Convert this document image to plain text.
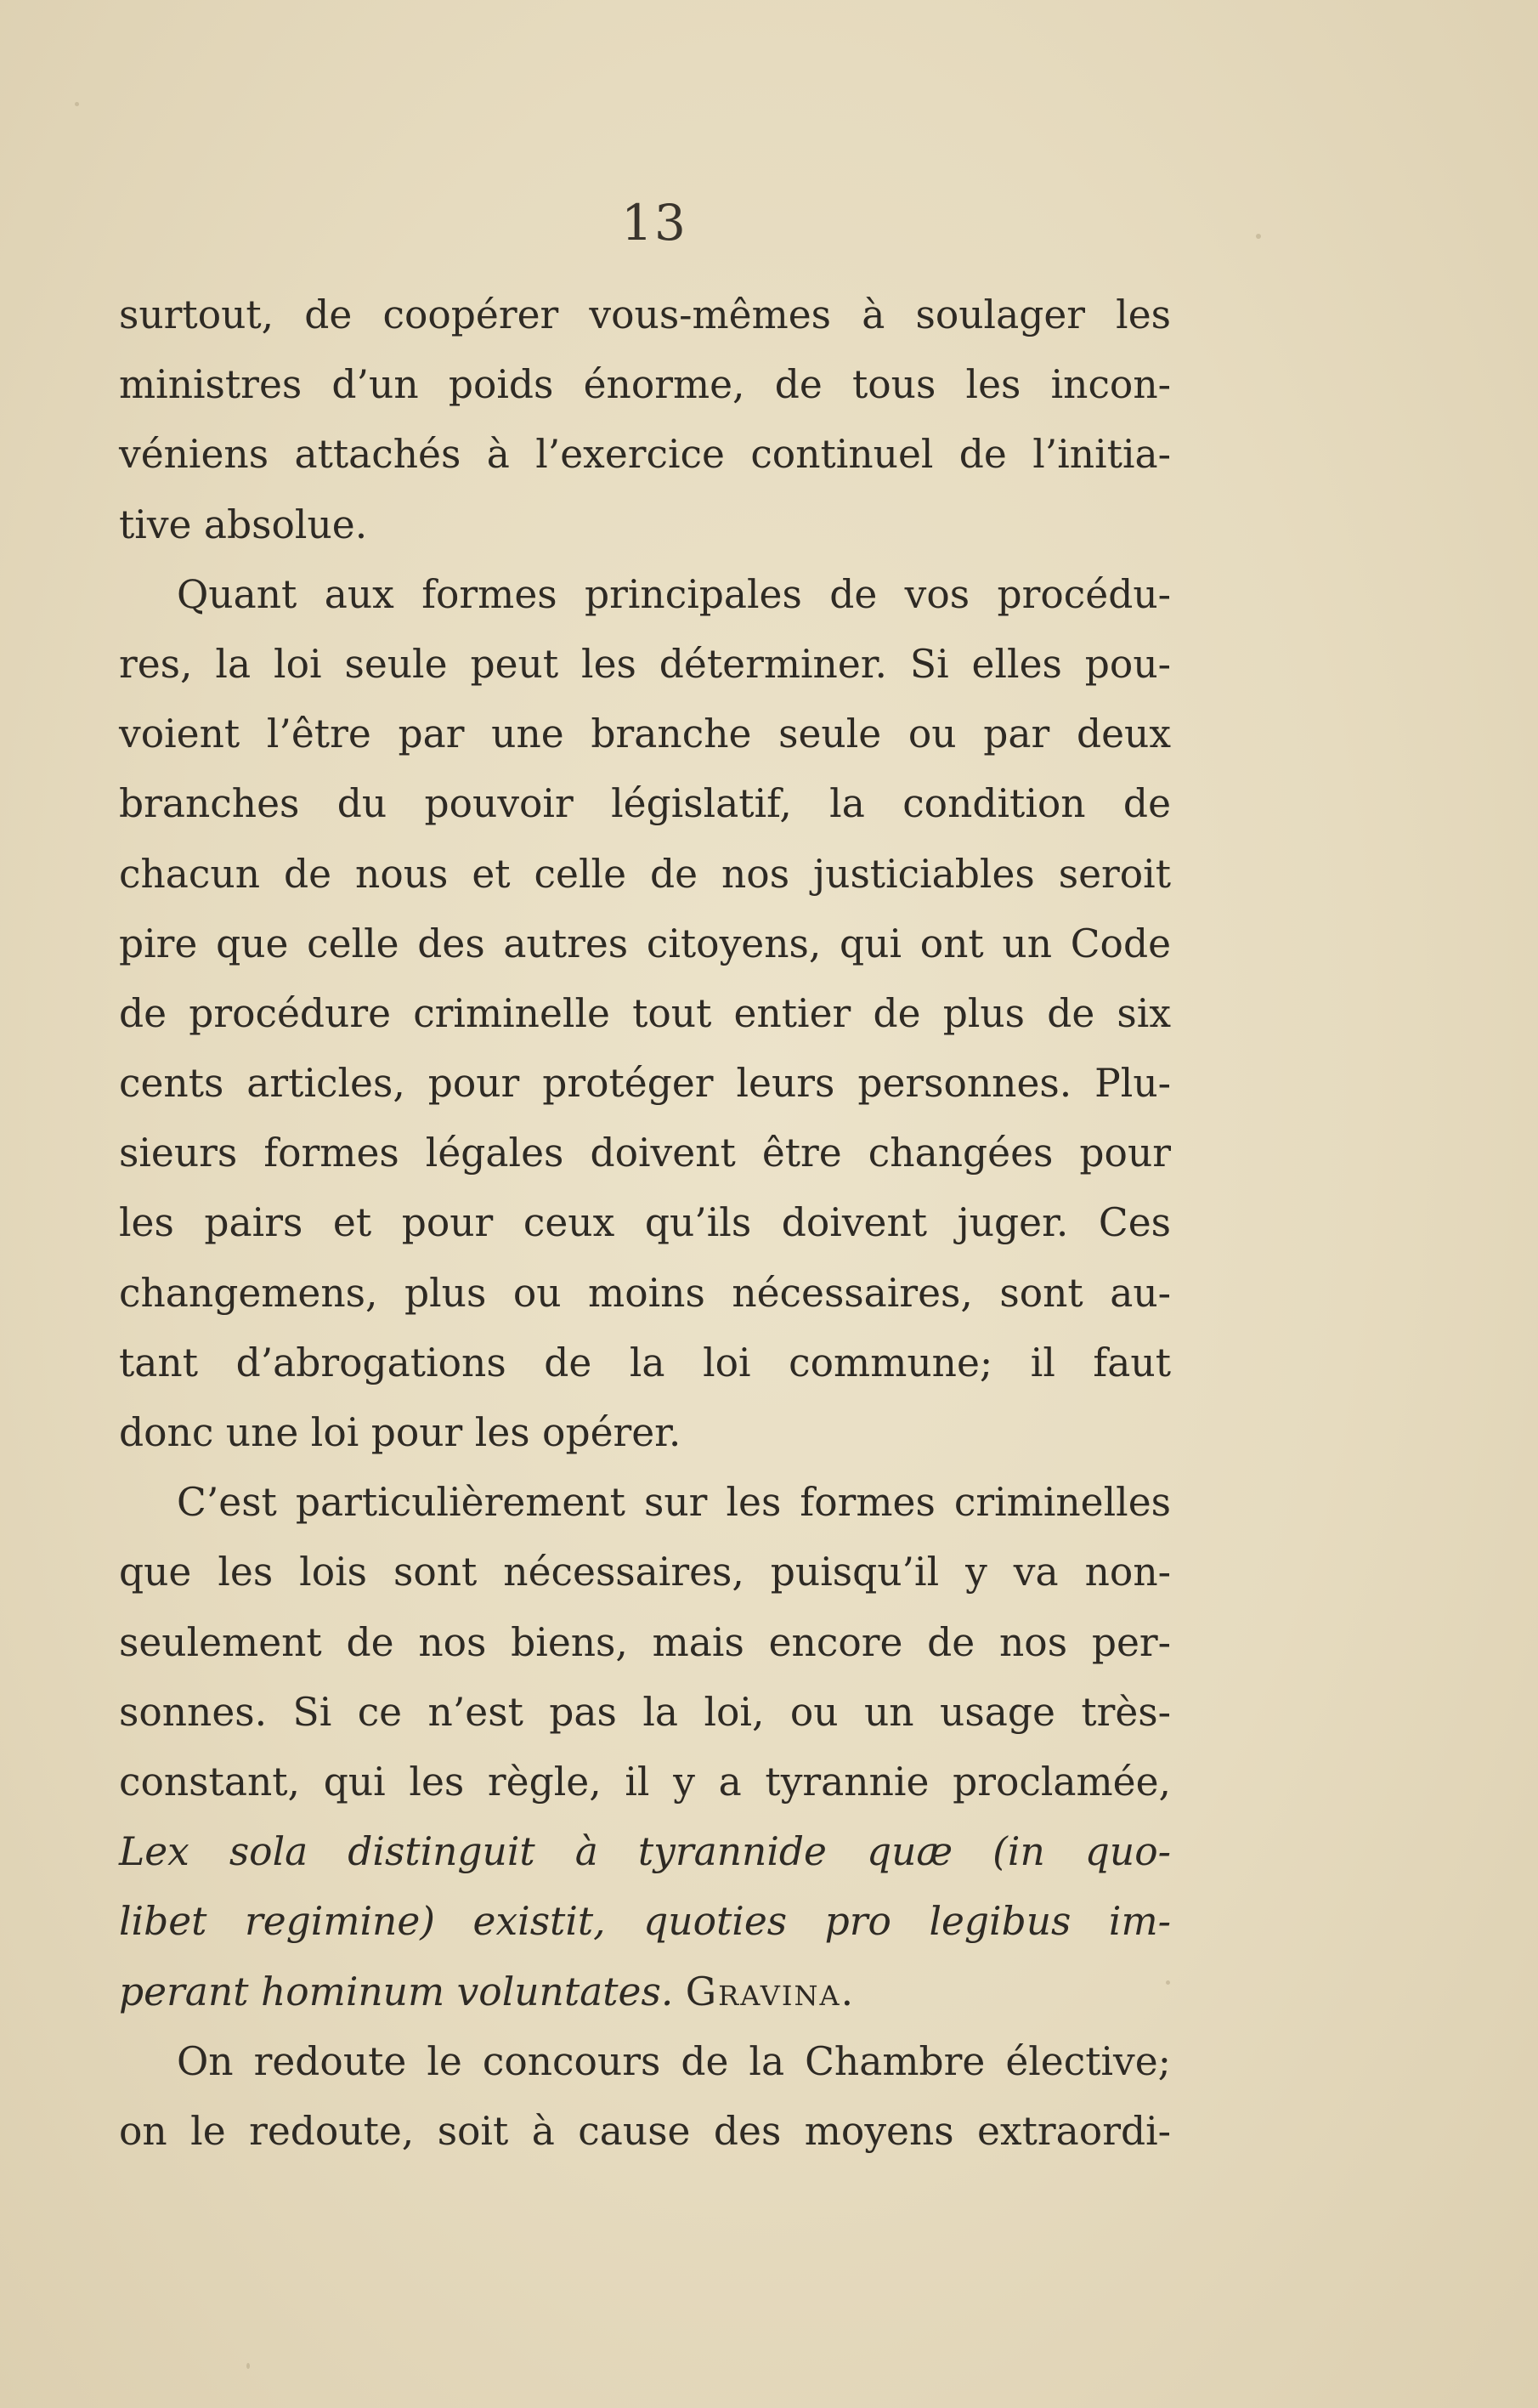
13
surtout, de coopérer vous-mêmes à soulager les
ministres d’un poids énorme, de tous les incon-
véniens attachés à l’exercice continuel de l’initia-
tive absolue.
Quant aux formes principales de vos procédu-
res, la loi seule peut les déterminer. Si elles pou-
voient l’être par une branche seule ou par deux
branches du pouvoir législatif, la condition de
chacun de nous et celle de nos justiciables seroit
pire que celle des autres citoyens, qui ont un Code
de procédure criminelle tout entier de plus de six
cents articles, pour protéger leurs personnes. Plu-
sieurs formes légales doivent être changées pour
les pairs et pour ceux qu’ils doivent juger. Ces
changemens, plus ou moins nécessaires, sont au-
tant d’abrogations de la loi commune; il faut
donc une loi pour les opérer.
C’est particulièrement sur les formes criminelles
que les lois sont nécessaires, puisqu’il y va non-
seulement de nos biens, mais encore de nos per-
sonnes. Si ce n’est pas la loi, ou un usage très-
constant, qui les règle, il y a tyrannie proclamée,
Lex sola distinguit à tyrannide quæ (in quo-
libet regimine) existit, quoties pro legibus im-
perant hominum voluntates. Gravina.
On redoute le concours de la Chambre élective;
on le redoute, soit à cause des moyens extraordi-
